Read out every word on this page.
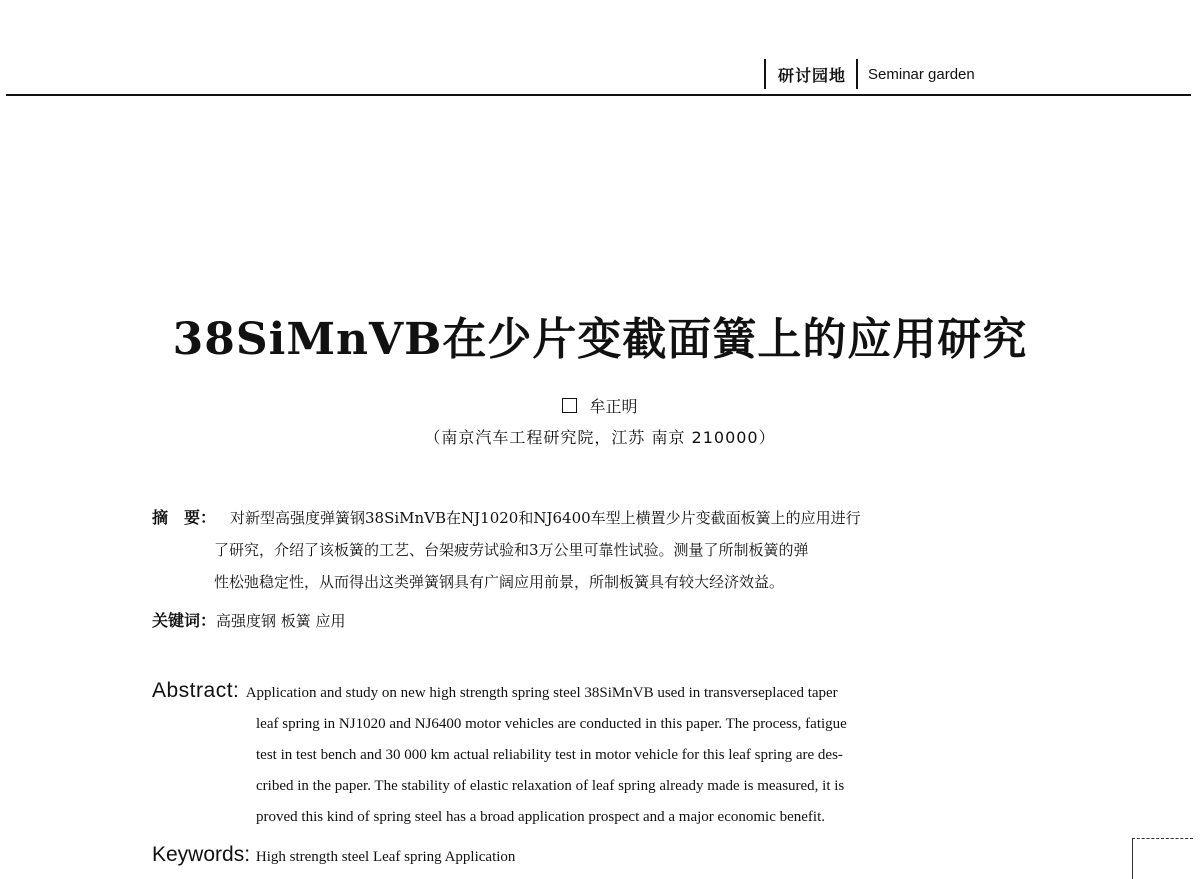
研讨园地	Seminar garden
38SiMnVB在少片变截面簧上的应用研究
牟正明
（南京汽车工程研究院，江苏 南京 210000）
摘　要： 对新型高强度弹簧钢38SiMnVB在NJ1020和NJ6400车型上横置少片变截面板簧上的应用进行
了研究，介绍了该板簧的工艺、台架疲劳试验和3万公里可靠性试验。测量了所制板簧的弹
性松弛稳定性，从而得出这类弹簧钢具有广阔应用前景，所制板簧具有较大经济效益。
关键词：高强度钢 板簧 应用
Abstract: Application and study on new high strength spring steel 38SiMnVB used in transverseplaced taper
leaf spring in NJ1020 and NJ6400 motor vehicles are conducted in this paper. The process, fatigue
test in test bench and 30 000 km actual reliability test in motor vehicle for this leaf spring are des-
cribed in the paper. The stability of elastic relaxation of leaf spring already made is measured, it is
proved this kind of spring steel has a broad application prospect and a major economic benefit.
Keywords: High strength steel Leaf spring Application
